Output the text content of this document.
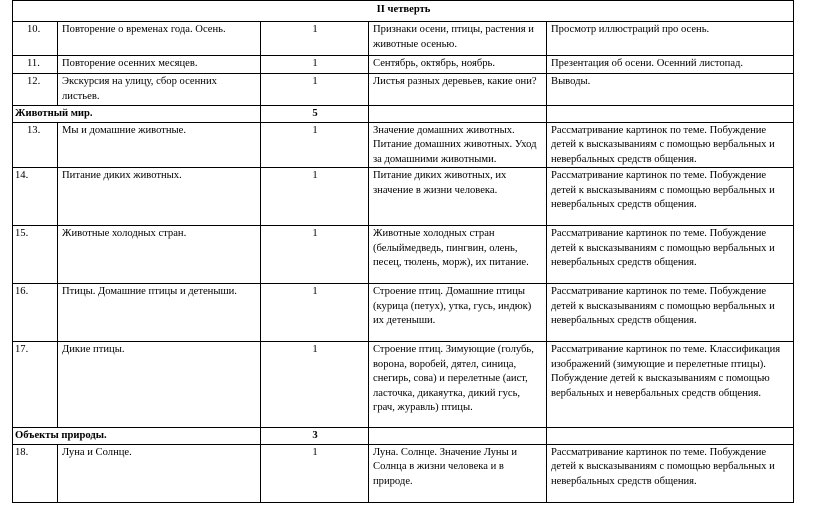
II четверть				
10.	Повторение о временах года. Осень.	1	Признаки осени, птицы, растения и животные осенью.	Просмотр иллюстраций про осень.
11.	Повторение осенних месяцев.	1	Сентябрь, октябрь, ноябрь.	Презентация об осени. Осенний листопад.
12.	Экскурсия на улицу, сбор осенних листьев.	1	Листья разных деревьев, какие они?	Выводы.
Животный мир.		5		
13.	Мы и домашние животные.	1	Значение домашних животных. Питание домашних животных. Уход за домашними животными.	Рассматривание картинок по теме. Побуждение детей к высказываниям с помощью вербальных и невербальных средств общения.
14.	Питание диких животных.	1	Питание диких животных, их значение в жизни человека.	Рассматривание картинок по теме. Побуждение детей к высказываниям с помощью вербальных и невербальных средств общения.
15.	Животные холодных стран.	1	Животные холодных стран (белыймедведь, пингвин, олень, песец, тюлень, морж), их питание.	Рассматривание картинок по теме. Побуждение детей к высказываниям с помощью вербальных и невербальных средств общения.
16.	Птицы. Домашние птицы и детеныши.	1	Строение птиц. Домашние птицы (курица (петух), утка, гусь, индюк) их детеныши.	Рассматривание картинок по теме. Побуждение детей к высказываниям с помощью вербальных и невербальных средств общения.
17.	Дикие птицы.	1	Строение птиц. Зимующие (голубь, ворона, воробей, дятел, синица, снегирь, сова) и перелетные (аист, ласточка, дикаяутка, дикий гусь, грач, журавль) птицы.	Рассматривание картинок по теме. Классификация изображений (зимующие и перелетные птицы). Побуждение детей к высказываниям с помощью вербальных и невербальных средств общения.
Объекты природы.		3		
18.	Луна и Солнце.	1	Луна. Солнце. Значение Луны и Солнца в жизни человека и в природе.	Рассматривание картинок по теме. Побуждение детей к высказываниям с помощью вербальных и невербальных средств общения.
